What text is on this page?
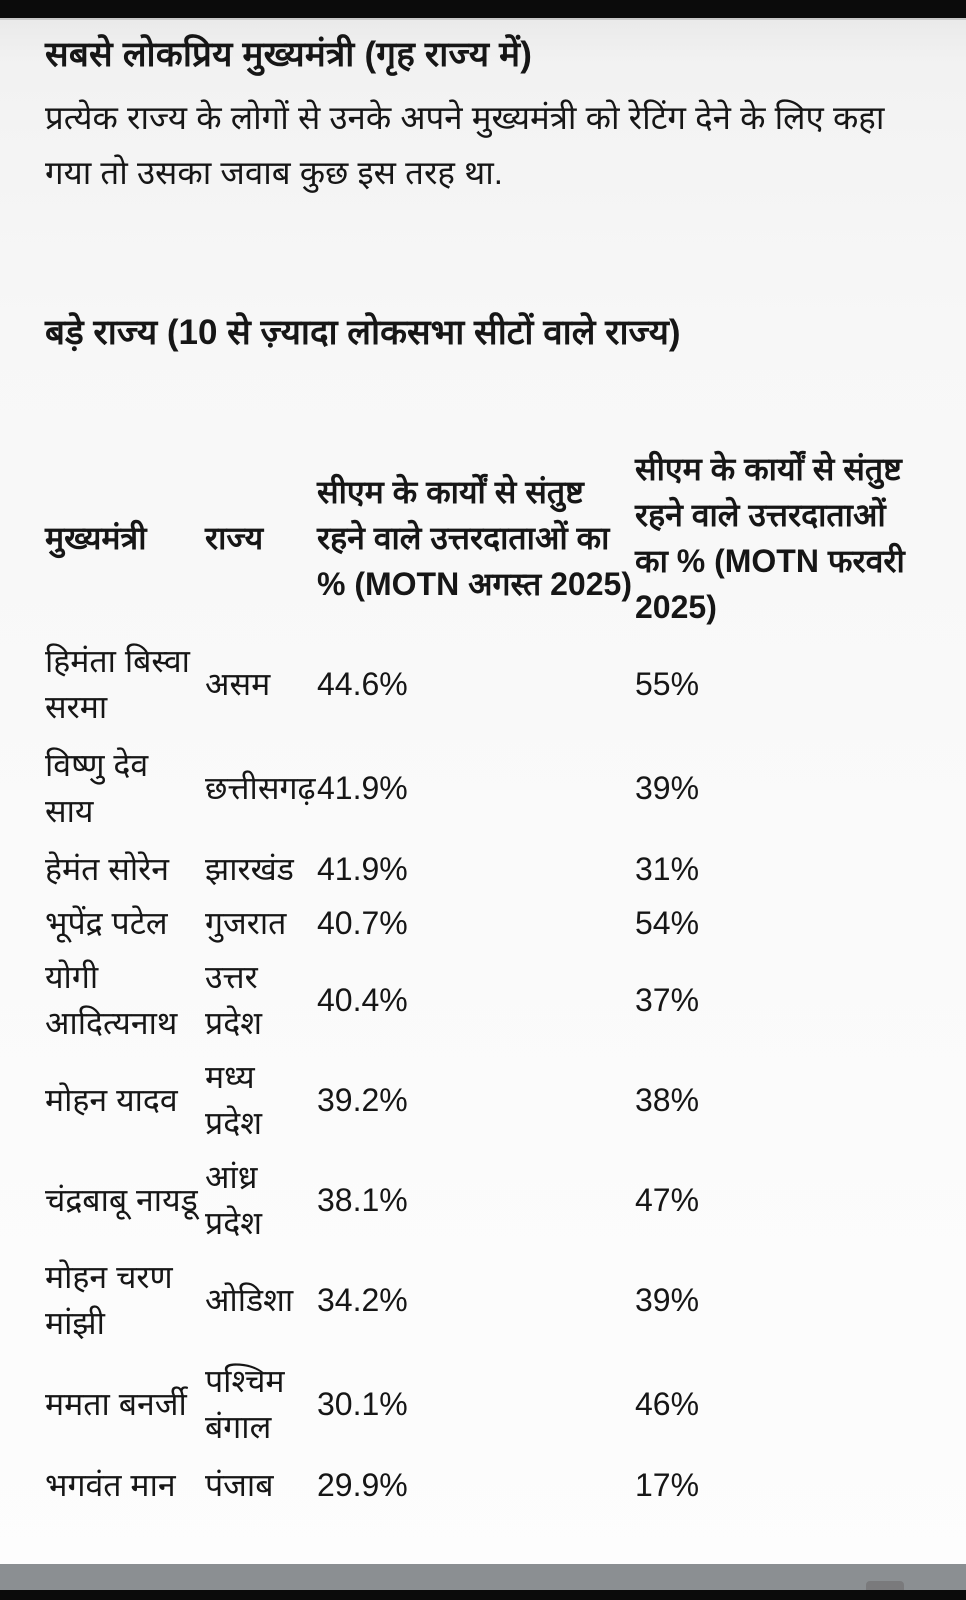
सबसे लोकप्रिय मुख्यमंत्री (गृह राज्य में)

प्रत्येक राज्य के लोगों से उनके अपने मुख्यमंत्री को रेटिंग देने के लिए कहा गया तो उसका जवाब कुछ इस तरह था.

बड़े राज्य (10 से ज़्यादा लोकसभा सीटों वाले राज्य)
मुख्यमंत्री	राज्य	सीएम के कार्यों से संतुष्ट रहने वाले उत्तरदाताओं का % (MOTN अगस्त 2025)	सीएम के कार्यों से संतुष्ट रहने वाले उत्तरदाताओं का % (MOTN फरवरी 2025)
हिमंता बिस्वा सरमा	असम	44.6%	55%
विष्णु देव साय	छत्तीसगढ़	41.9%	39%
हेमंत सोरेन	झारखंड	41.9%	31%
भूपेंद्र पटेल	गुजरात	40.7%	54%
योगी आदित्यनाथ	उत्तर प्रदेश	40.4%	37%
मोहन यादव	मध्य प्रदेश	39.2%	38%
चंद्रबाबू नायडू	आंध्र प्रदेश	38.1%	47%
मोहन चरण मांझी	ओडिशा	34.2%	39%
ममता बनर्जी	पश्चिम बंगाल	30.1%	46%
भगवंत मान	पंजाब	29.9%	17%
